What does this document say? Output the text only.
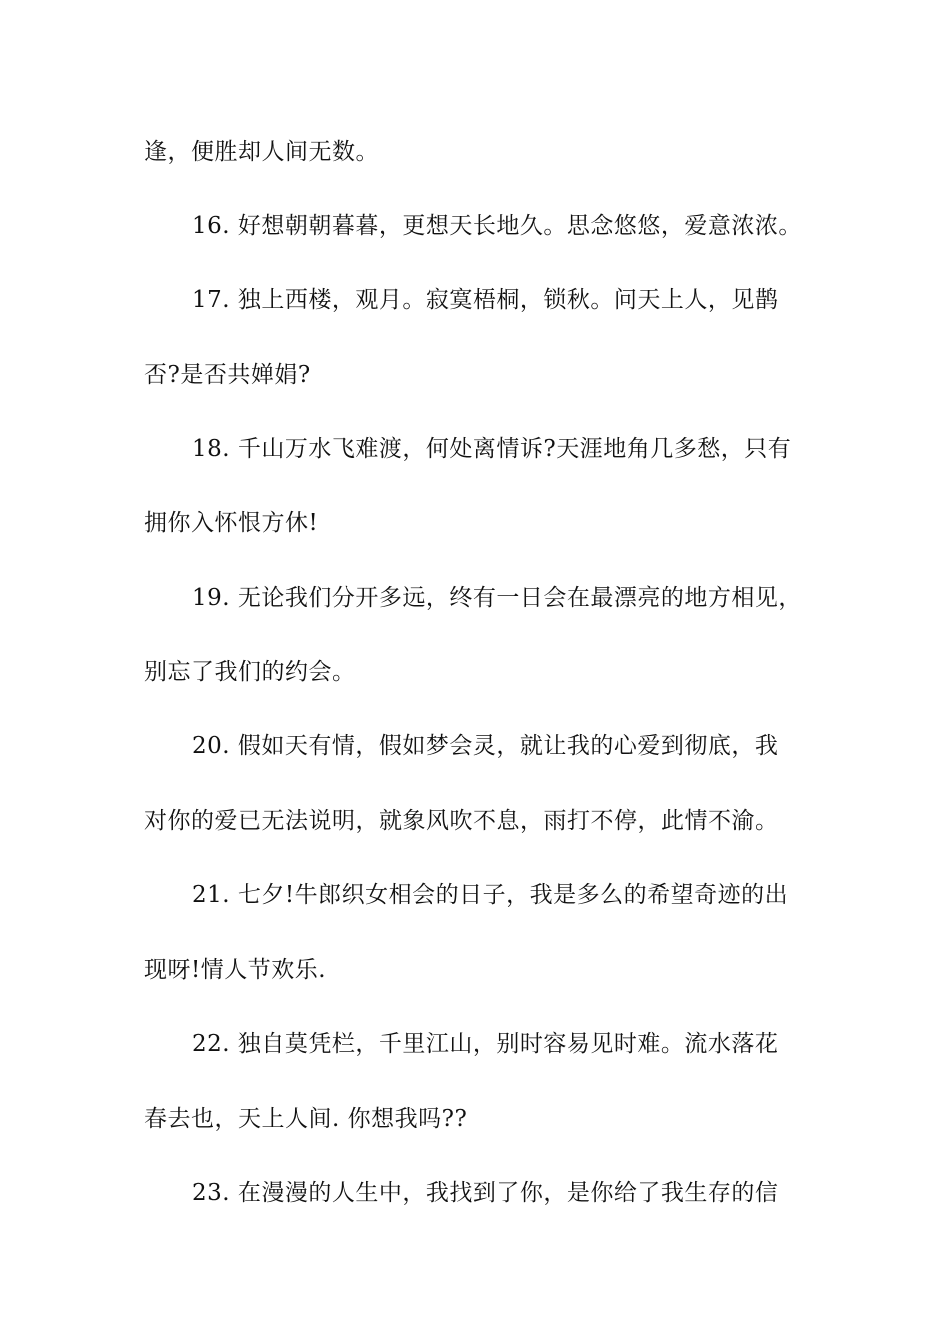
逢，便胜却人间无数。
16. 好想朝朝暮暮，更想天长地久。思念悠悠，爱意浓浓。
17. 独上西楼，观月。寂寞梧桐，锁秋。问天上人，见鹊
否?是否共婵娟?
18. 千山万水飞难渡，何处离情诉?天涯地角几多愁，只有
拥你入怀恨方休!
19. 无论我们分开多远，终有一日会在最漂亮的地方相见，
别忘了我们的约会。
20. 假如天有情，假如梦会灵，就让我的心爱到彻底，我
对你的爱已无法说明，就象风吹不息，雨打不停，此情不渝。
21. 七夕!牛郎织女相会的日子，我是多么的希望奇迹的出
现呀!情人节欢乐.
22. 独自莫凭栏，千里江山，别时容易见时难。流水落花
春去也，天上人间. 你想我吗??
23. 在漫漫的人生中，我找到了你，是你给了我生存的信
